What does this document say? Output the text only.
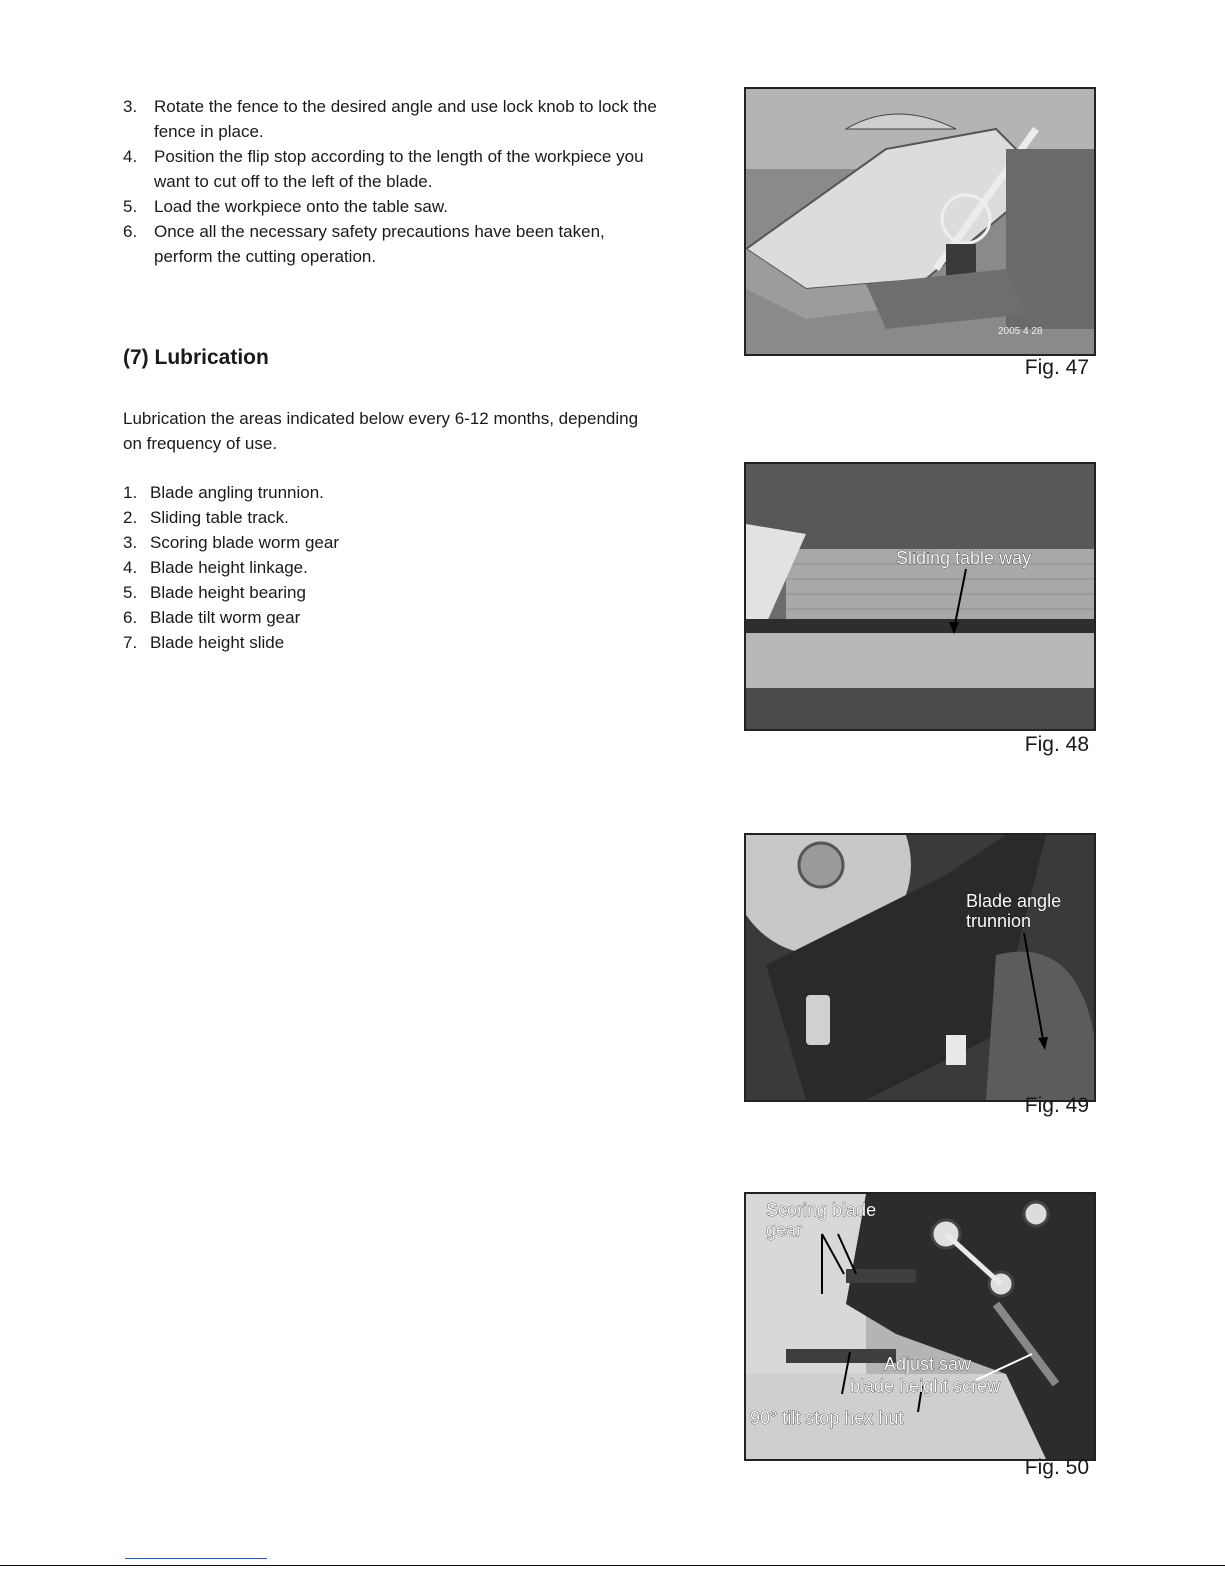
3. Rotate the fence to the desired angle and use lock knob to lock the fence in place.
4. Position the flip stop according to the length of the workpiece you want to cut off to the left of the blade.
5. Load the workpiece onto the table saw.
6. Once all the necessary safety precautions have been taken, perform the cutting operation.
(7) Lubrication

Lubrication the areas indicated below every 6-12 months, depending on frequency of use.

1. Blade angling trunnion.
2. Sliding table track.
3. Scoring blade worm gear
4. Blade height linkage.
5. Blade height bearing
6. Blade tilt worm gear
7. Blade height slide
2005 4 28
Fig. 47
Sliding table way
Fig. 48
Blade angle
trunnion
Fig. 49
Scoring blade
gear
Adjust saw
blade height screw
90° tilt stop hex hut
Fig. 50
